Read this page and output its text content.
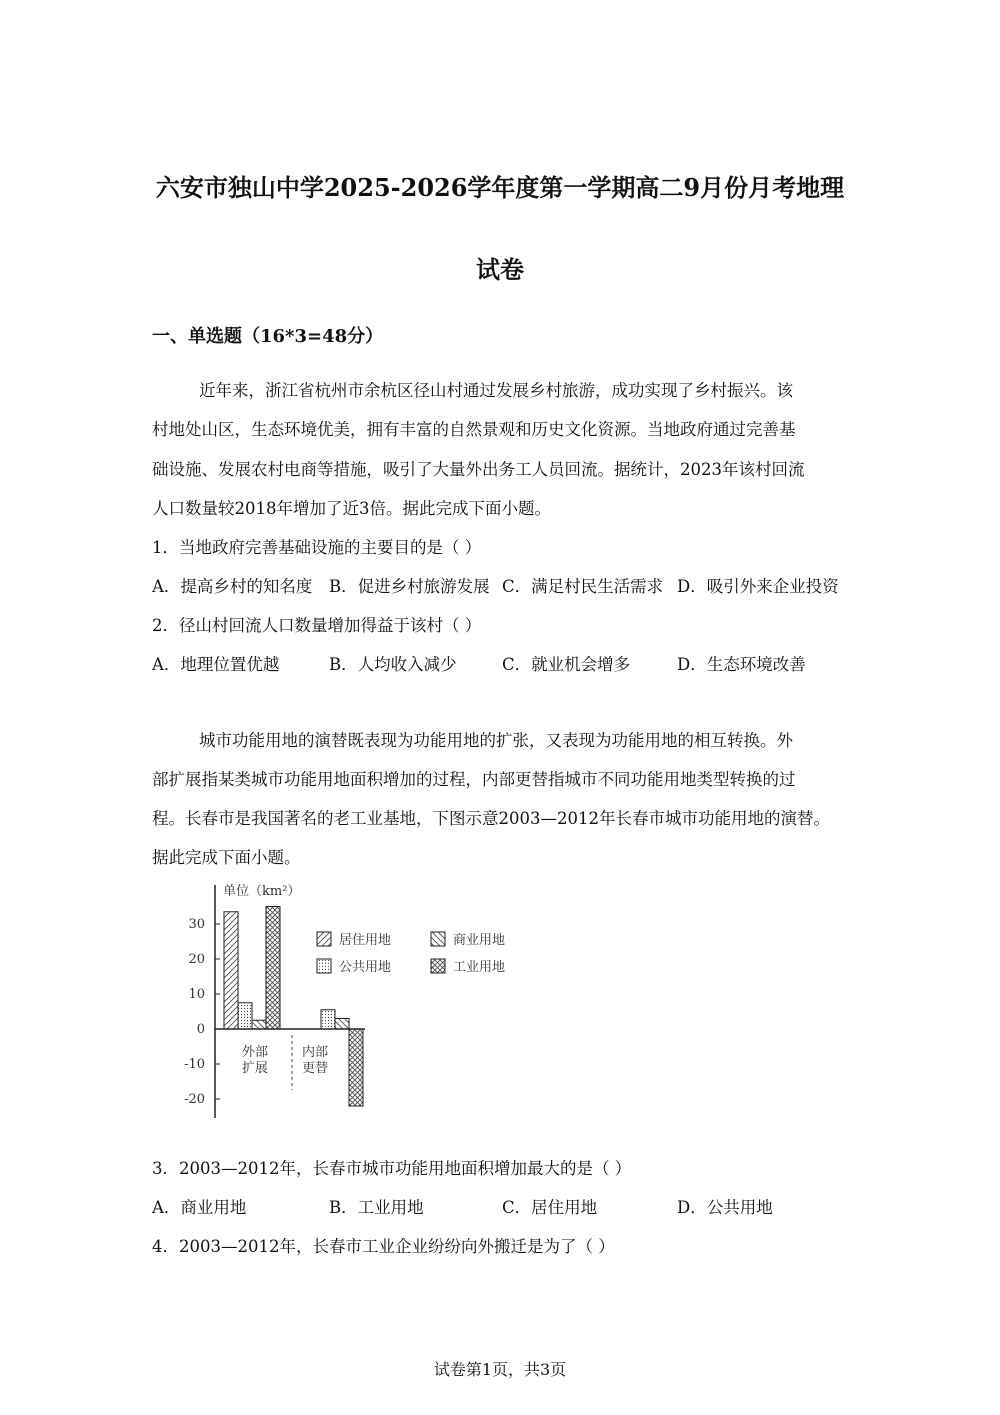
六安市独山中学2025-2026学年度第一学期高二9月份月考地理
试卷
一、单选题（16*3=48分）
近年来，浙江省杭州市余杭区径山村通过发展乡村旅游，成功实现了乡村振兴。该
村地处山区，生态环境优美，拥有丰富的自然景观和历史文化资源。当地政府通过完善基
础设施、发展农村电商等措施，吸引了大量外出务工人员回流。据统计，2023年该村回流
人口数量较2018年增加了近3倍。据此完成下面小题。
1．当地政府完善基础设施的主要目的是（ ）
A．提高乡村的知名度 B．促进乡村旅游发展 C．满足村民生活需求 D．吸引外来企业投资
2．径山村回流人口数量增加得益于该村（ ）
A．地理位置优越	B．人均收入减少	C．就业机会增多	D．生态环境改善
城市功能用地的演替既表现为功能用地的扩张，又表现为功能用地的相互转换。外
部扩展指某类城市功能用地面积增加的过程，内部更替指城市不同功能用地类型转换的过
程。长春市是我国著名的老工业基地，下图示意2003—2012年长春市城市功能用地的演替。
据此完成下面小题。
单位（km²）
30
20
10
0
-10
-20
外部
扩展
内部
更替
居住用地
公共用地
商业用地
工业用地
3．2003—2012年，长春市城市功能用地面积增加最大的是（ ）
A．商业用地	B．工业用地	C．居住用地	D．公共用地
4．2003—2012年，长春市工业企业纷纷向外搬迁是为了（ ）
试卷第1页，共3页
